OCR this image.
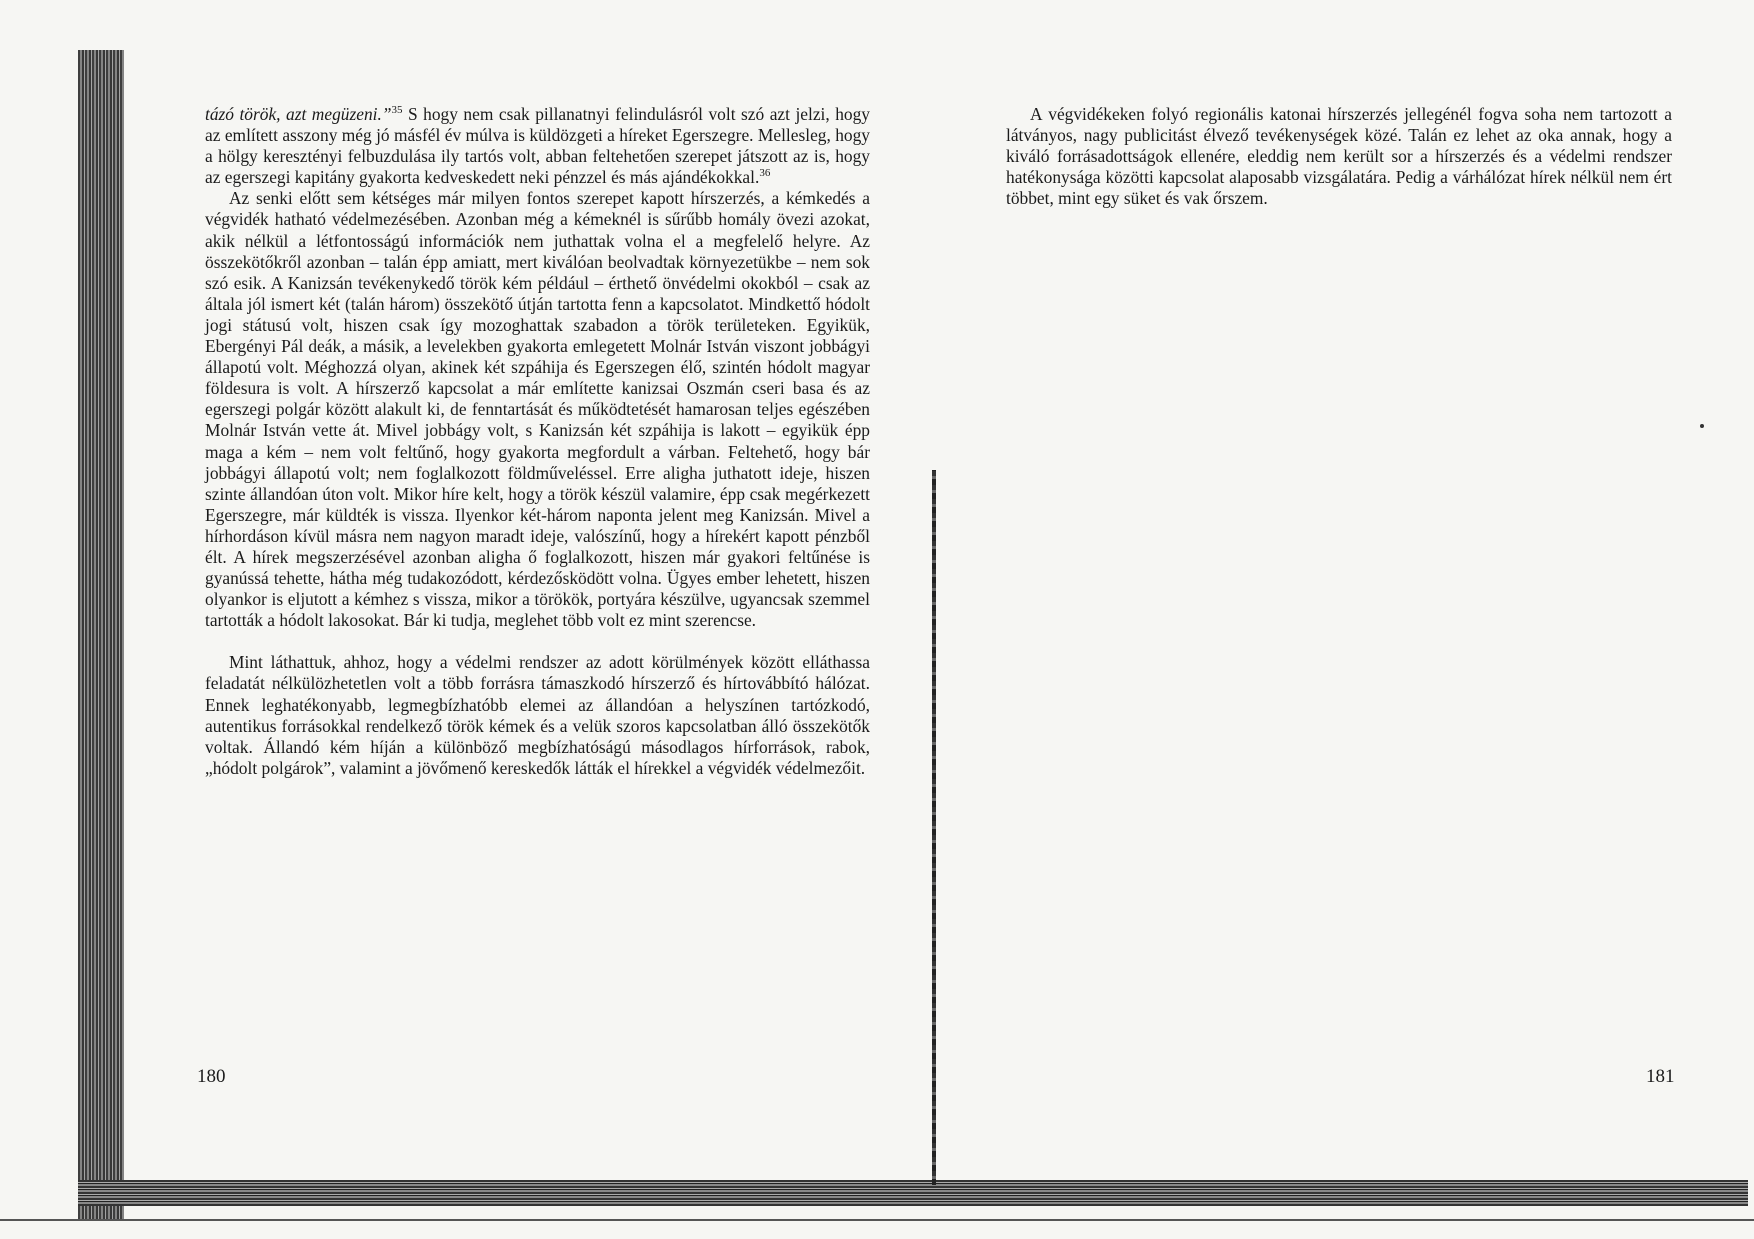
tázó török, azt megüzeni.”$^{35}$ S hogy nem csak pillanatnyi felindulásról volt szó azt jelzi, hogy az említett asszony még jó másfél év múlva is küldözgeti a híreket Egerszegre. Mellesleg, hogy a hölgy keresztényi felbuzdulása ily tartós volt, abban feltehetően szerepet játszott az is, hogy az egerszegi kapitány gyakorta kedveskedett neki pénzzel és más ajándékokkal.$^{36}$

Az senki előtt sem kétséges már milyen fontos szerepet kapott hírszerzés, a kémkedés a végvidék hatható védelmezésében. Azonban még a kémeknél is sűrűbb homály övezi azokat, akik nélkül a létfontosságú információk nem juthattak volna el a megfelelő helyre. Az összekötőkről azonban – talán épp amiatt, mert kiválóan beolvadtak környezetükbe – nem sok szó esik. A Kanizsán tevékenykedő török kém például – érthető önvédelmi okokból – csak az általa jól ismert két (talán három) összekötő útján tartotta fenn a kapcsolatot. Mindkettő hódolt jogi státusú volt, hiszen csak így mozoghattak szabadon a török területeken. Egyikük, Ebergényi Pál deák, a másik, a levelekben gyakorta emlegetett Molnár István viszont jobbágyi állapotú volt. Méghozzá olyan, akinek két szpáhija és Egerszegen élő, szintén hódolt magyar földesura is volt. A hírszerző kapcsolat a már említette kanizsai Oszmán cseri basa és az egerszegi polgár között alakult ki, de fenntartását és működtetését hamarosan teljes egészében Molnár István vette át. Mivel jobbágy volt, s Kanizsán két szpáhija is lakott – egyikük épp maga a kém – nem volt feltűnő, hogy gyakorta megfordult a várban. Feltehető, hogy bár jobbágyi állapotú volt; nem foglalkozott földműveléssel. Erre aligha juthatott ideje, hiszen szinte állandóan úton volt. Mikor híre kelt, hogy a török készül valamire, épp csak megérkezett Egerszegre, már küldték is vissza. Ilyenkor két-három naponta jelent meg Kanizsán. Mivel a hírhordáson kívül másra nem nagyon maradt ideje, valószínű, hogy a hírekért kapott pénzből élt. A hírek megszerzésével azonban aligha ő foglalkozott, hiszen már gyakori feltűnése is gyanússá tehette, hátha még tudakozódott, kérdezősködött volna. Ügyes ember lehetett, hiszen olyankor is eljutott a kémhez s vissza, mikor a törökök, portyára készülve, ugyancsak szemmel tartották a hódolt lakosokat. Bár ki tudja, meglehet több volt ez mint szerencse.

Mint láthattuk, ahhoz, hogy a védelmi rendszer az adott körülmények között elláthassa feladatát nélkülözhetetlen volt a több forrásra támaszkodó hírszerző és hírtovábbító hálózat. Ennek leghatékonyabb, legmegbízhatóbb elemei az állandóan a helyszínen tartózkodó, autentikus forrásokkal rendelkező török kémek és a velük szoros kapcsolatban álló összekötők voltak. Állandó kém híján a különböző megbízhatóságú másodlagos hírforrások, rabok, „hódolt polgárok”, valamint a jövőmenő kereskedők látták el hírekkel a végvidék védelmezőit.

180

A végvidékeken folyó regionális katonai hírszerzés jellegénél fogva soha nem tartozott a látványos, nagy publicitást élvező tevékenységek közé. Talán ez lehet az oka annak, hogy a kiváló forrásadottságok ellenére, eleddig nem került sor a hírszerzés és a védelmi rendszer hatékonysága közötti kapcsolat alaposabb vizsgálatára. Pedig a várhálózat hírek nélkül nem ért többet, mint egy süket és vak őrszem.

181
